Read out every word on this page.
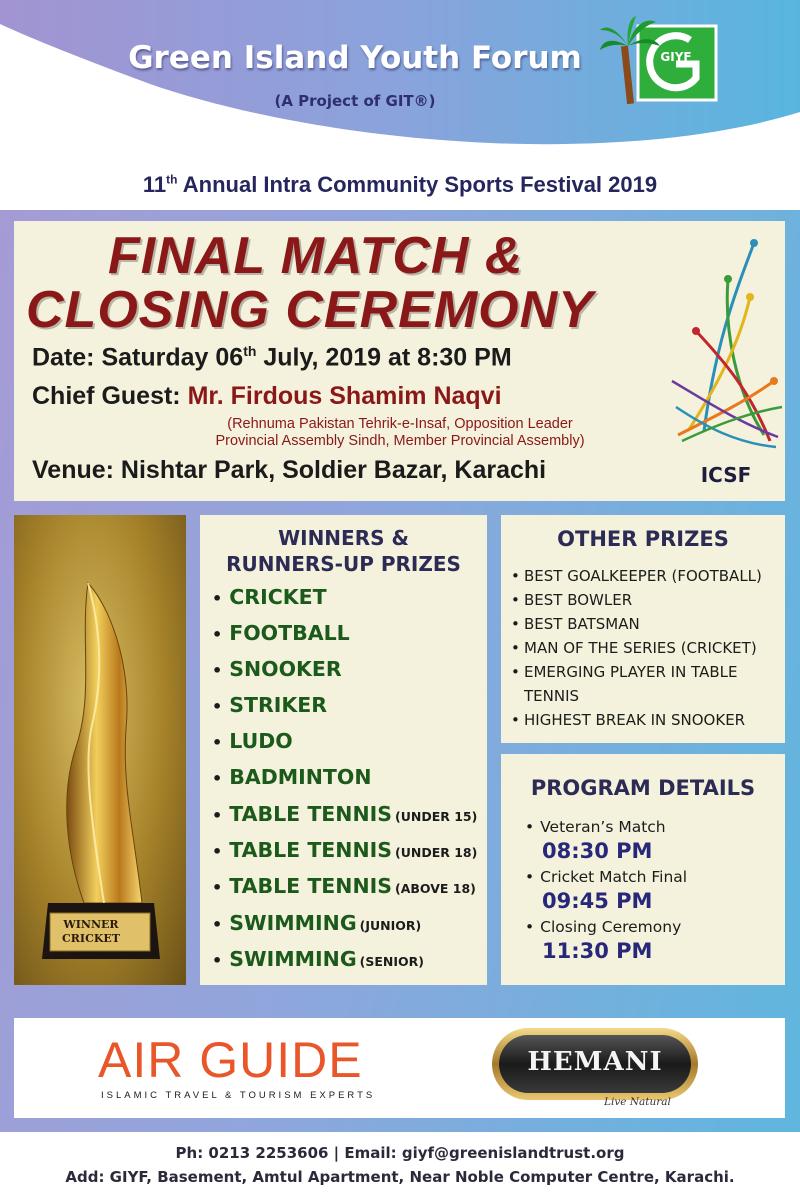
Green Island Youth Forum
(A Project of GIT®)
GIYF
11th Annual Intra Community Sports Festival 2019
FINAL MATCH &
CLOSING CEREMONY
Date: Saturday 06th July, 2019 at 8:30 PM
Chief Guest: Mr. Firdous Shamim Naqvi
(Rehnuma Pakistan Tehrik-e-Insaf, Opposition Leader
Provincial Assembly Sindh, Member Provincial Assembly)
Venue: Nishtar Park, Soldier Bazar, Karachi	ICSF
WINNER
CRICKET
ICSF 2019
WINNERS &
RUNNERS-UP PRIZES
• CRICKET
• FOOTBALL
• SNOOKER
• STRIKER
• LUDO
• BADMINTON
• TABLE TENNIS (UNDER 15)
• TABLE TENNIS (UNDER 18)
• TABLE TENNIS (ABOVE 18)
• SWIMMING (JUNIOR)
• SWIMMING (SENIOR)
OTHER PRIZES
• BEST GOALKEEPER (FOOTBALL)
• BEST BOWLER
• BEST BATSMAN
• MAN OF THE SERIES (CRICKET)
• EMERGING PLAYER IN TABLE
TENNIS
• HIGHEST BREAK IN SNOOKER
PROGRAM DETAILS
• Veteran’s Match
08:30 PM
• Cricket Match Final
09:45 PM
• Closing Ceremony
11:30 PM
AIR GUIDE
ISLAMIC TRAVEL & TOURISM EXPERTS
HEMANI
Live Natural
Ph: 0213 2253606 | Email: giyf@greenislandtrust.org
Add: GIYF, Basement, Amtul Apartment, Near Noble Computer Centre, Karachi.
